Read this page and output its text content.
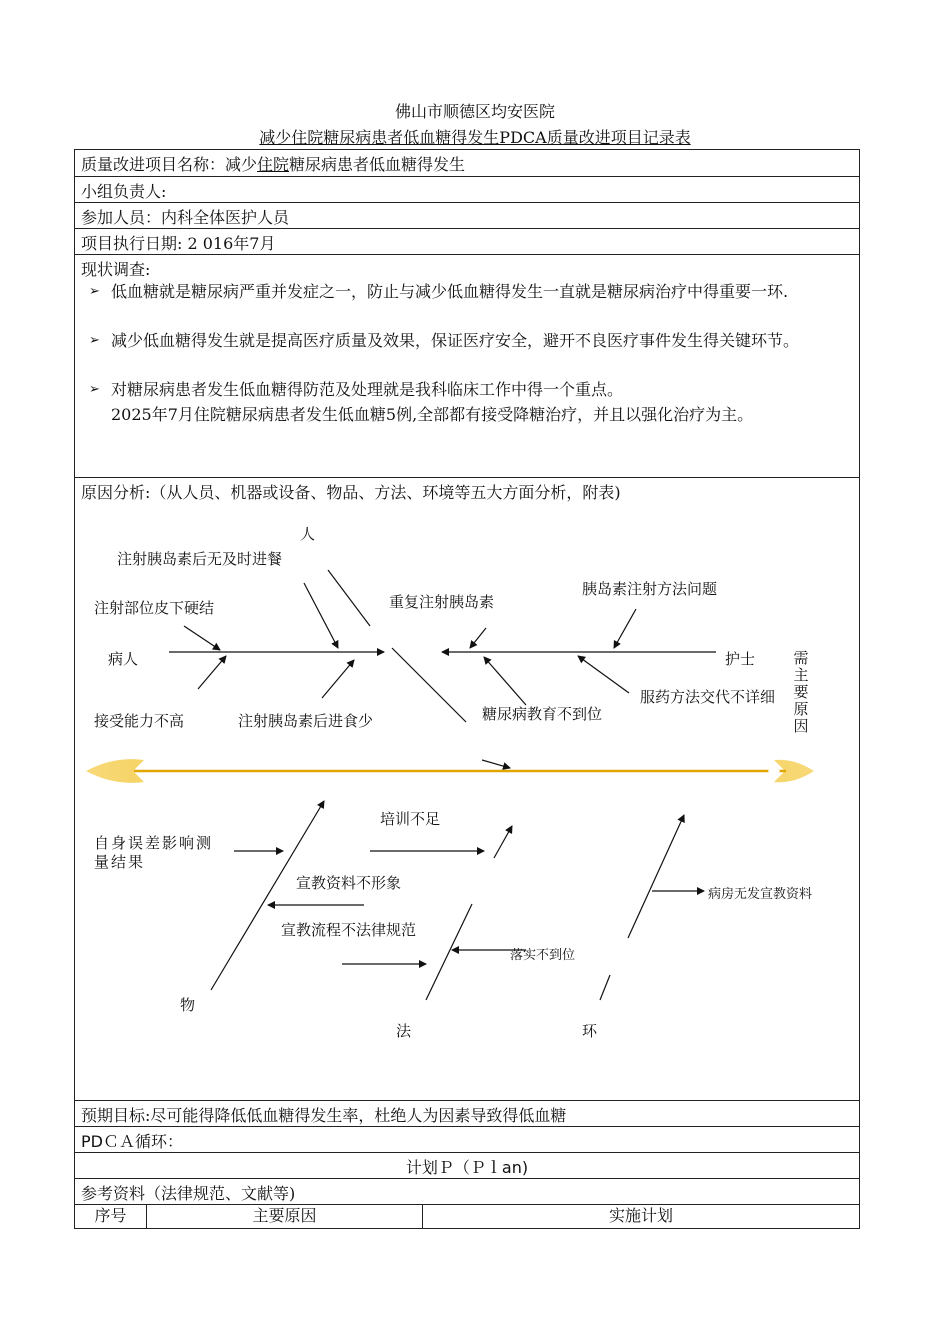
佛山市顺德区均安医院
减少住院糖尿病患者低血糖得发生PDCA质量改进项目记录表
质量改进项目名称：减少住院糖尿病患者低血糖得发生
小组负责人:
参加人员：内科全体医护人员
项目执行日期: 2 016年7月
现状调查:
➢ 低血糖就是糖尿病严重并发症之一，防止与减少低血糖得发生一直就是糖尿病治疗中得重要一环.
➢ 减少低血糖得发生就是提高医疗质量及效果，保证医疗安全，避开不良医疗事件发生得关键环节。
➢ 对糖尿病患者发生低血糖得防范及处理就是我科临床工作中得一个重点。
2025年7月住院糖尿病患者发生低血糖5例,全部都有接受降糖治疗，并且以强化治疗为主。
原因分析:（从人员、机器或设备、物品、方法、环境等五大方面分析，附表)
人
注射胰岛素后无及时进餐
注射部位皮下硬结
病人
接受能力不高	注射胰岛素后进食少
重复注射胰岛素
胰岛素注射方法问题
护士
服药方法交代不详细
糖尿病教育不到位
需主要原因
自身误差影响测量结果
培训不足
宣教资料不形象
宣教流程不法律规范
落实不到位
病房无发宣教资料
物
法	环
预期目标:尽可能得降低低血糖得发生率，杜绝人为因素导致得低血糖
PDＣＡ循环：
计划Ｐ（Ｐｌan)
参考资料（法律规范、文献等)
序号	主要原因	实施计划
